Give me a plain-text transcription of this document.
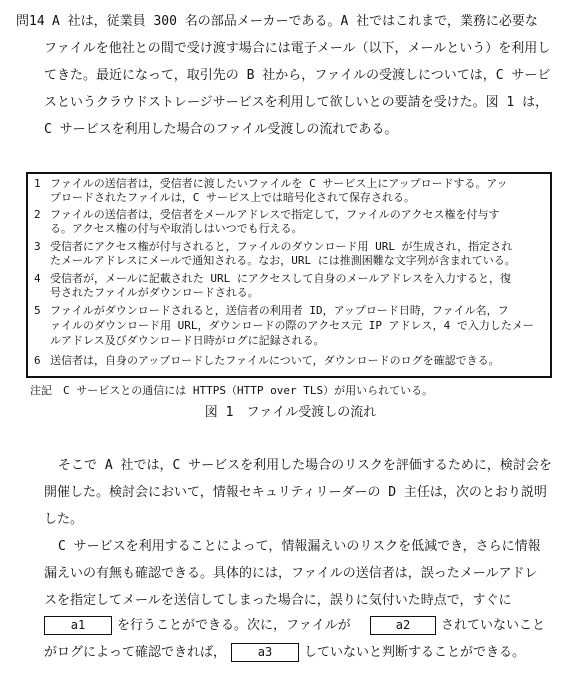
問14 A 社は，従業員 300 名の部品メーカーである。A 社ではこれまで，業務に必要な
ファイルを他社との間で受け渡す場合には電子メール（以下，メールという）を利用し
てきた。最近になって，取引先の B 社から，ファイルの受渡しについては，C サービ
スというクラウドストレージサービスを利用して欲しいとの要請を受けた。図 1 は，
C サービスを利用した場合のファイル受渡しの流れである。
1 ファイルの送信者は，受信者に渡したいファイルを C サービス上にアップロードする。アッ
プロードされたファイルは，C サービス上では暗号化されて保存される。
2 ファイルの送信者は，受信者をメールアドレスで指定して，ファイルのアクセス権を付与す
る。アクセス権の付与や取消しはいつでも行える。
3 受信者にアクセス権が付与されると，ファイルのダウンロード用 URL が生成され，指定され
たメールアドレスにメールで通知される。なお，URL には推測困難な文字列が含まれている。
4 受信者が，メールに記載された URL にアクセスして自身のメールアドレスを入力すると，復
号されたファイルがダウンロードされる。
5 ファイルがダウンロードされると，送信者の利用者 ID，アップロード日時，ファイル名，フ
ァイルのダウンロード用 URL，ダウンロードの際のアクセス元 IP アドレス，4 で入力したメー
ルアドレス及びダウンロード日時がログに記録される。
6 送信者は，自身のアップロードしたファイルについて，ダウンロードのログを確認できる。
注記　C サービスとの通信には HTTPS（HTTP over TLS）が用いられている。
図 1　ファイル受渡しの流れ
そこで A 社では，C サービスを利用した場合のリスクを評価するために，検討会を
開催した。検討会において，情報セキュリティリーダーの D 主任は，次のとおり説明
した。
C サービスを利用することによって，情報漏えいのリスクを低減でき，さらに情報
漏えいの有無も確認できる。具体的には，ファイルの送信者は，誤ったメールアドレ
スを指定してメールを送信してしまった場合に，誤りに気付いた時点で，すぐに
a1	を行うことができる。次に，ファイルが	a2	されていないこと
がログによって確認できれば，	a3	していないと判断することができる。
